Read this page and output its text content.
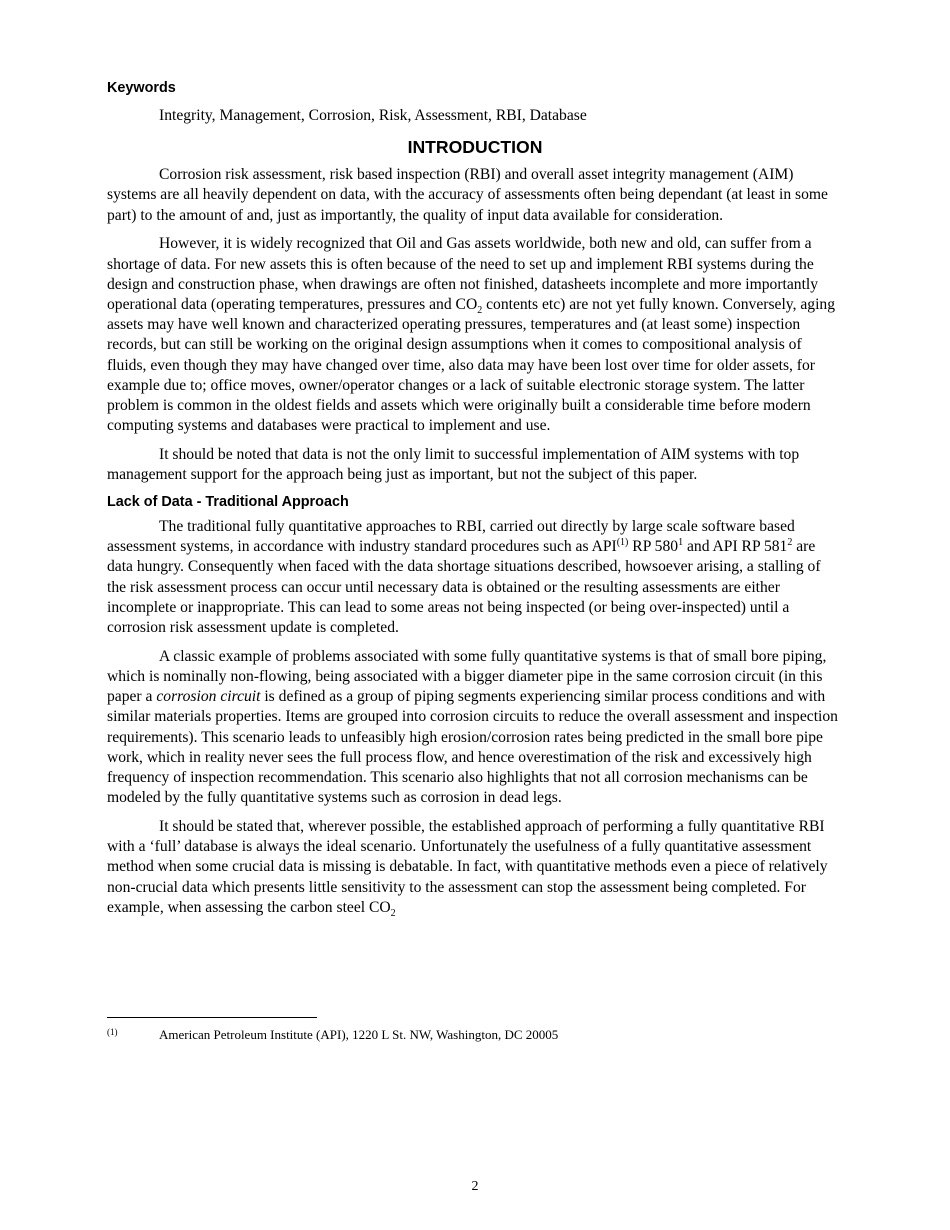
Keywords
Integrity, Management, Corrosion, Risk, Assessment, RBI, Database
INTRODUCTION

Corrosion risk assessment, risk based inspection (RBI) and overall asset integrity management (AIM) systems are all heavily dependent on data, with the accuracy of assessments often being dependant (at least in some part) to the amount of and, just as importantly, the quality of input data available for consideration.

However, it is widely recognized that Oil and Gas assets worldwide, both new and old, can suffer from a shortage of data. For new assets this is often because of the need to set up and implement RBI systems during the design and construction phase, when drawings are often not finished, datasheets incomplete and more importantly operational data (operating temperatures, pressures and $CO_2$ contents etc) are not yet fully known. Conversely, aging assets may have well known and characterized operating pressures, temperatures and (at least some) inspection records, but can still be working on the original design assumptions when it comes to compositional analysis of fluids, even though they may have changed over time, also data may have been lost over time for older assets, for example due to; office moves, owner/operator changes or a lack of suitable electronic storage system. The latter problem is common in the oldest fields and assets which were originally built a considerable time before modern computing systems and databases were practical to implement and use.

It should be noted that data is not the only limit to successful implementation of AIM systems with top management support for the approach being just as important, but not the subject of this paper.

Lack of Data - Traditional Approach

The traditional fully quantitative approaches to RBI, carried out directly by large scale software based assessment systems, in accordance with industry standard procedures such as API$^{(1)}$ RP $580^1$ and API RP $581^2$ are data hungry. Consequently when faced with the data shortage situations described, howsoever arising, a stalling of the risk assessment process can occur until necessary data is obtained or the resulting assessments are either incomplete or inappropriate. This can lead to some areas not being inspected (or being over-inspected) until a corrosion risk assessment update is completed.

A classic example of problems associated with some fully quantitative systems is that of small bore piping, which is nominally non-flowing, being associated with a bigger diameter pipe in the same corrosion circuit (in this paper a corrosion circuit is defined as a group of piping segments experiencing similar process conditions and with similar materials properties. Items are grouped into corrosion circuits to reduce the overall assessment and inspection requirements). This scenario leads to unfeasibly high erosion/corrosion rates being predicted in the small bore pipe work, which in reality never sees the full process flow, and hence overestimation of the risk and excessively high frequency of inspection recommendation. This scenario also highlights that not all corrosion mechanisms can be modeled by the fully quantitative systems such as corrosion in dead legs.

It should be stated that, wherever possible, the established approach of performing a fully quantitative RBI with a ‘full’ database is always the ideal scenario. Unfortunately the usefulness of a fully quantitative assessment method when some crucial data is missing is debatable. In fact, with quantitative methods even a piece of relatively non-crucial data which presents little sensitivity to the assessment can stop the assessment being completed. For example, when assessing the carbon steel $CO_2$

(1)	American Petroleum Institute (API), 1220 L St. NW, Washington, DC 20005
2
